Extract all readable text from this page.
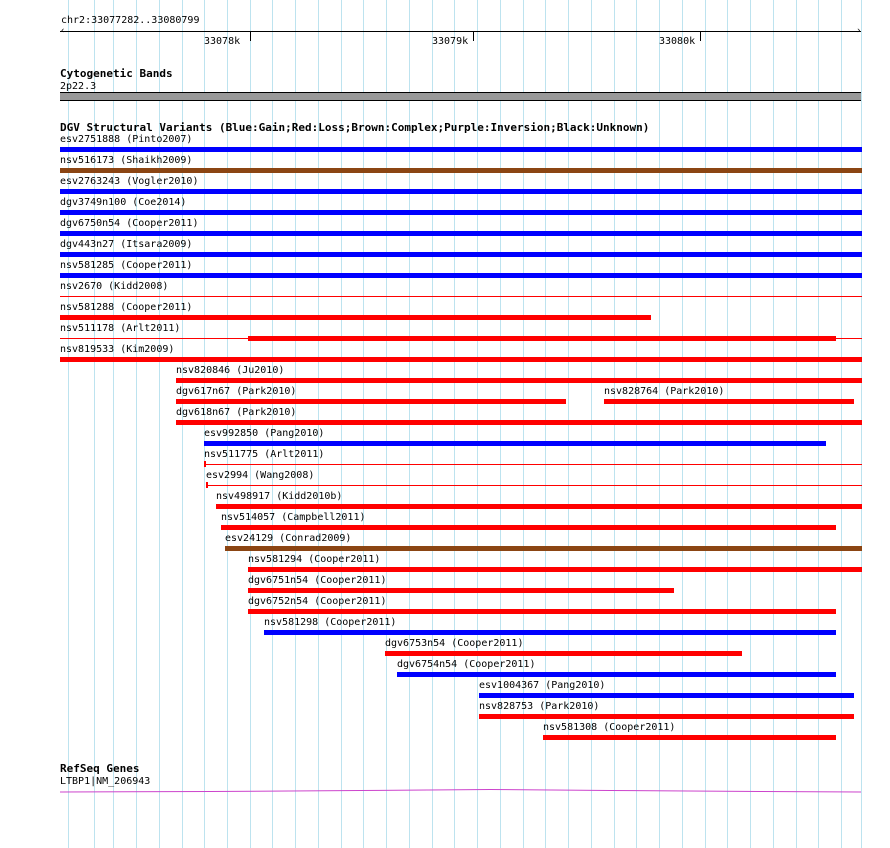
chr2:33077282..33080799
‹	›
33078k	33079k	33080k
Cytogenetic Bands
2p22.3
DGV Structural Variants (Blue:Gain;Red:Loss;Brown:Complex;Purple:Inversion;Black:Unknown)
esv2751888 (Pinto2007)
nsv516173 (Shaikh2009)
esv2763243 (Vogler2010)
dgv3749n100 (Coe2014)
dgv6750n54 (Cooper2011)
dgv443n27 (Itsara2009)
nsv581285 (Cooper2011)
nsv2670 (Kidd2008)
nsv581288 (Cooper2011)
nsv511178 (Arlt2011)
nsv819533 (Kim2009)
nsv820846 (Ju2010)
dgv617n67 (Park2010)	nsv828764 (Park2010)
dgv618n67 (Park2010)
esv992850 (Pang2010)
nsv511775 (Arlt2011)
esv2994 (Wang2008)
nsv498917 (Kidd2010b)
nsv514057 (Campbell2011)
esv24129 (Conrad2009)
nsv581294 (Cooper2011)
dgv6751n54 (Cooper2011)
dgv6752n54 (Cooper2011)
nsv581298 (Cooper2011)
dgv6753n54 (Cooper2011)
dgv6754n54 (Cooper2011)
esv1004367 (Pang2010)
nsv828753 (Park2010)
nsv581308 (Cooper2011)
RefSeq Genes
LTBP1|NM_206943
